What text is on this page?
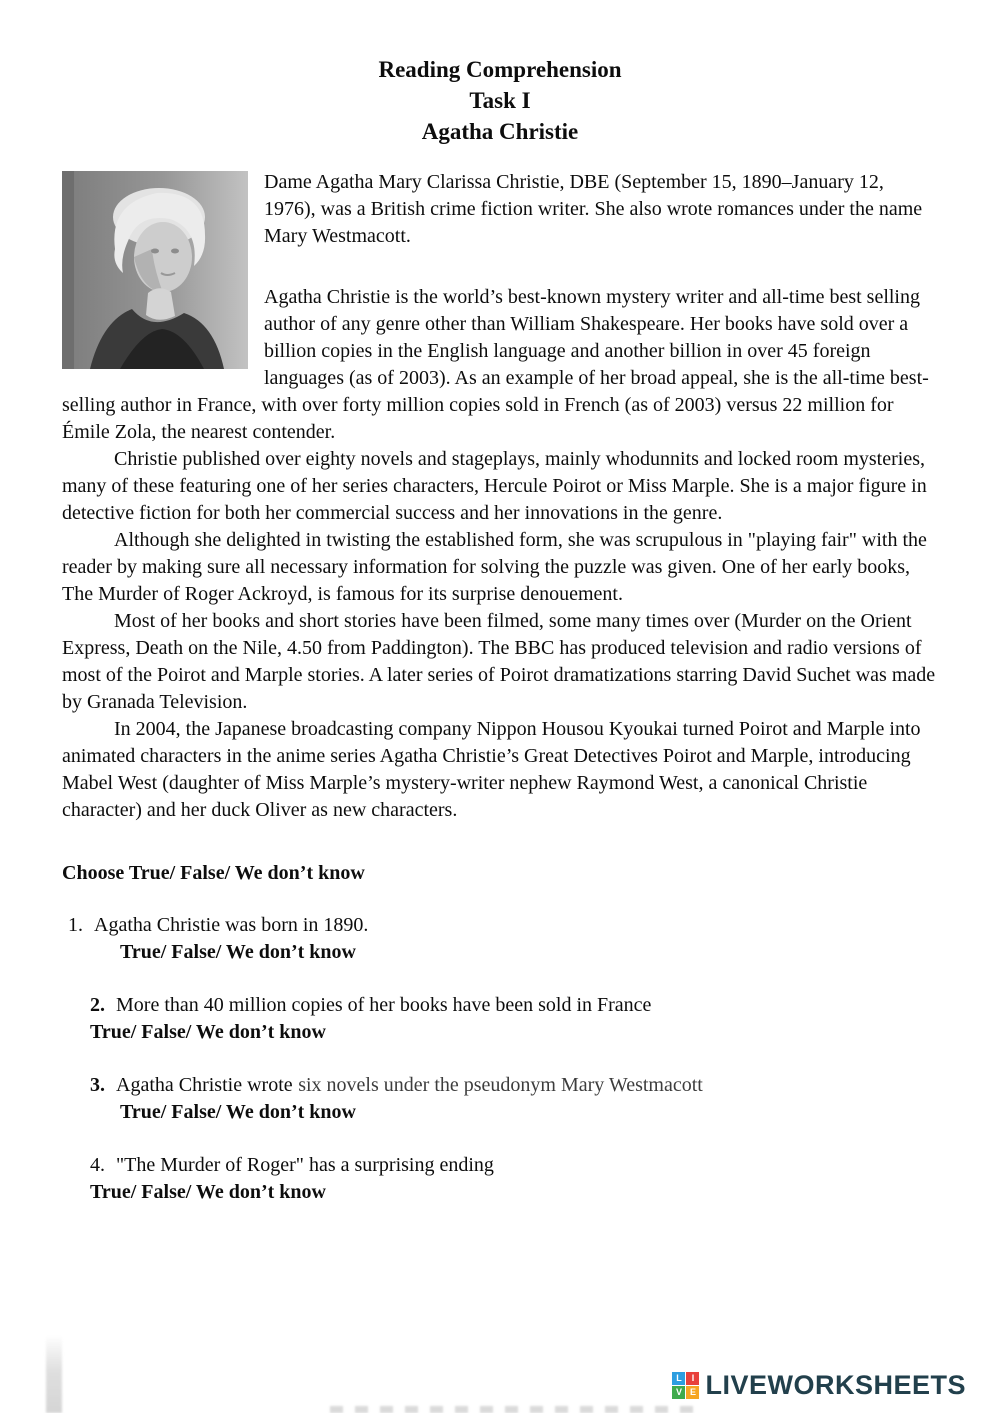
Reading Comprehension
Task I
Agatha Christie

Dame Agatha Mary Clarissa Christie, DBE (September 15, 1890–January 12, 1976), was a British crime fiction writer. She also wrote romances under the name Mary Westmacott.

Agatha Christie is the world’s best-known mystery writer and all-time best selling author of any genre other than William Shakespeare. Her books have sold over a billion copies in the English language and another billion in over 45 foreign languages (as of 2003). As an example of her broad appeal, she is the all-time best-selling author in France, with over forty million copies sold in French (as of 2003) versus 22 million for Émile Zola, the nearest contender.

Christie published over eighty novels and stageplays, mainly whodunnits and locked room mysteries, many of these featuring one of her series characters, Hercule Poirot or Miss Marple. She is a major figure in detective fiction for both her commercial success and her innovations in the genre.

Although she delighted in twisting the established form, she was scrupulous in "playing fair" with the reader by making sure all necessary information for solving the puzzle was given. One of her early books, The Murder of Roger Ackroyd, is famous for its surprise denouement.

Most of her books and short stories have been filmed, some many times over (Murder on the Orient Express, Death on the Nile, 4.50 from Paddington). The BBC has produced television and radio versions of most of the Poirot and Marple stories. A later series of Poirot dramatizations starring David Suchet was made by Granada Television.

In 2004, the Japanese broadcasting company Nippon Housou Kyoukai turned Poirot and Marple into animated characters in the anime series Agatha Christie’s Great Detectives Poirot and Marple, introducing Mabel West (daughter of Miss Marple’s mystery-writer nephew Raymond West, a canonical Christie character) and her duck Oliver as new characters.

Choose True/ False/ We don’t know

1. Agatha Christie was born in 1890.

True/ False/ We don’t know

2. More than 40 million copies of her books have been sold in France

True/ False/ We don’t know

3. Agatha Christie wrote six novels under the pseudonym Mary Westmacott

True/ False/ We don’t know

4. "The Murder of Roger" has a surprising ending

True/ False/ We don’t know

L	I
V E LIVEWORKSHEETS
